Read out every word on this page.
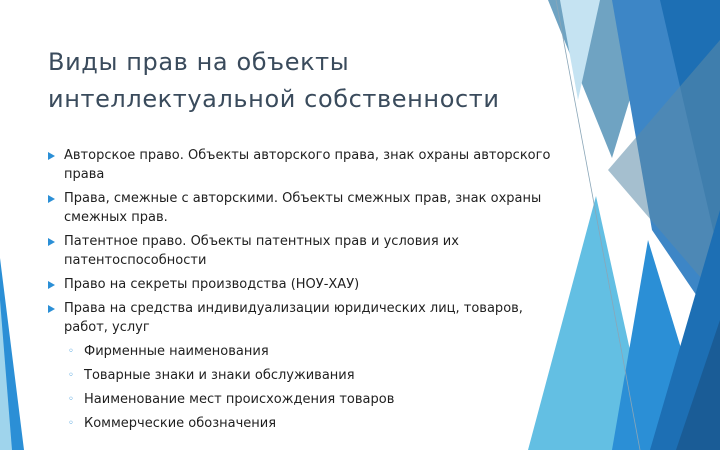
Виды прав на объекты интеллектуальной собственности
Авторское право. Объекты авторского права, знак охраны авторского права
Права, смежные с авторскими. Объекты смежных прав, знак охраны смежных прав.
Патентное право. Объекты патентных прав и условия их патентоспособности
Право на секреты производства (НОУ-ХАУ)
Права на средства индивидуализации юридических лиц, товаров, работ, услуг
◦ Фирменные наименования
◦ Товарные знаки и знаки обслуживания
◦ Наименование мест происхождения товаров
◦ Коммерческие обозначения
